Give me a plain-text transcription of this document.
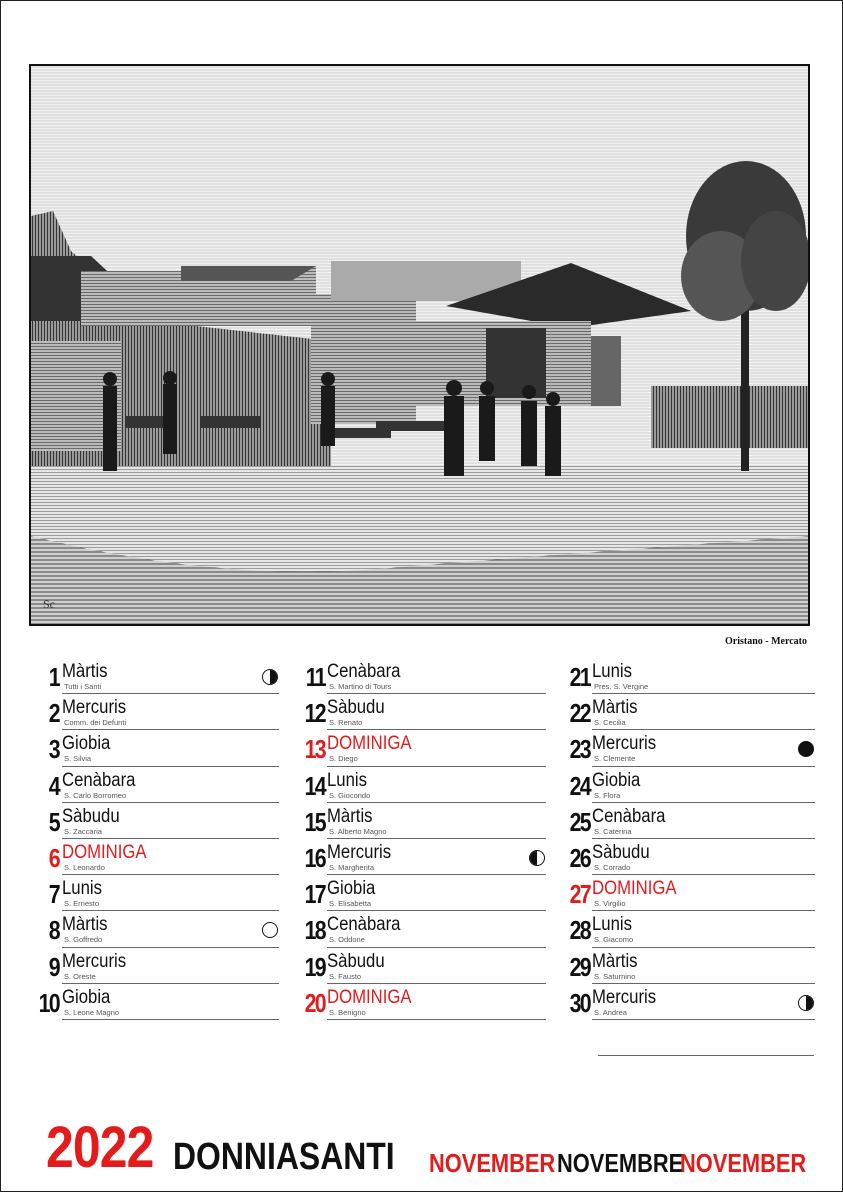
Sc
Oristano - Mercato
1 Màrtis
Tutti i Santi
2 Mercuris
Comm. dei Defunti
3 Giobia
S. Silvia
4 Cenàbara
S. Carlo Borromeo
5 Sàbudu
S. Zaccaria
6 DOMINIGA
S. Leonardo
7 Lunis
S. Ernesto
8 Màrtis
S. Goffredo
9 Mercuris
S. Oreste
10 Giobia
S. Leone Magno
11 Cenàbara
S. Martino di Tours
12 Sàbudu
S. Renato
13 DOMINIGA
S. Diego
14 Lunis
S. Giocondo
15 Màrtis
S. Alberto Magno
16 Mercuris
S. Margherita
17 Giobia
S. Elisabetta
18 Cenàbara
S. Oddone
19 Sàbudu
S. Fausto
20 DOMINIGA
S. Benigno
21 Lunis
Pres. S. Vergine
22 Màrtis
S. Cecilia
23 Mercuris
S. Clemente
24 Giobia
S. Flora
25 Cenàbara
S. Caterina
26 Sàbudu
S. Corrado
27 DOMINIGA
S. Virgilio
28 Lunis
S. Giacomo
29 Màrtis
S. Saturnino
30 Mercuris
S. Andrea
2022 DONNIASANTI NOVEMBER NOVEMBRE
NOVEMBER
